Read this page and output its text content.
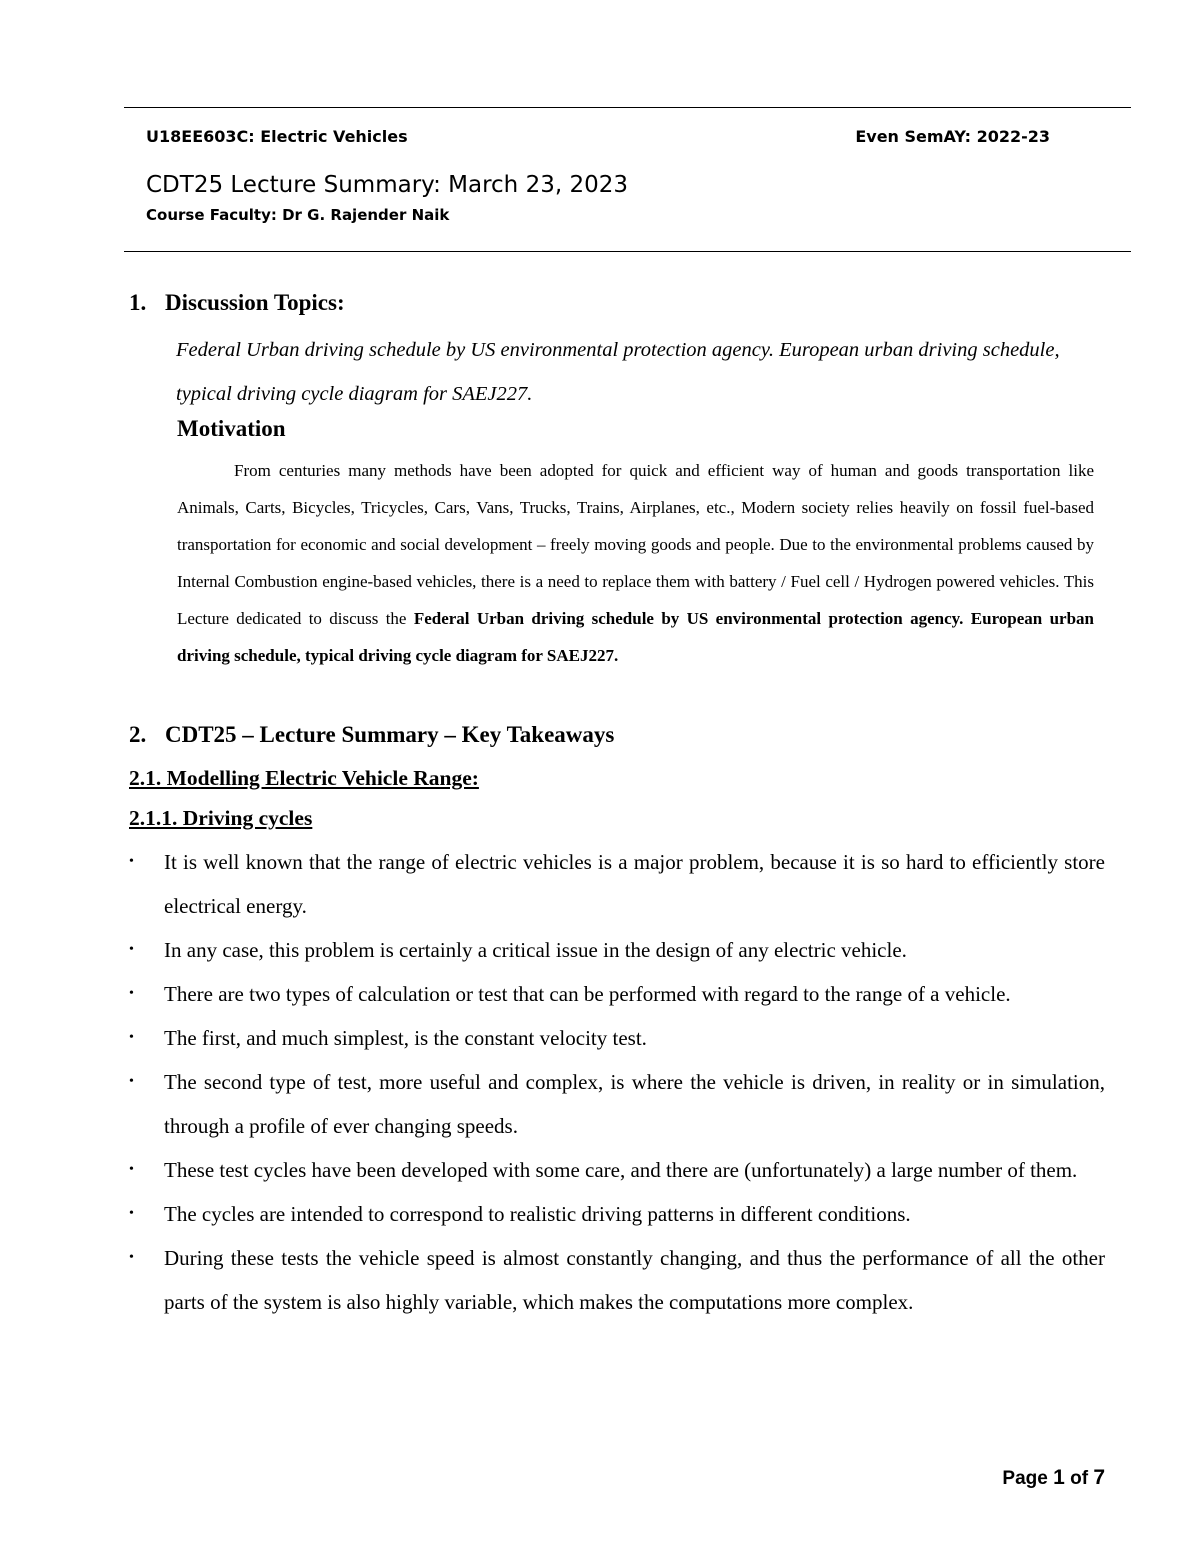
U18EE603C: Electric Vehicles	Even SemAY: 2022-23
CDT25 Lecture Summary: March 23, 2023
Course Faculty: Dr G. Rajender Naik
1. Discussion Topics:
Federal Urban driving schedule by US environmental protection agency. European urban driving schedule, typical driving cycle diagram for SAEJ227.
Motivation
From centuries many methods have been adopted for quick and efficient way of human and goods transportation like Animals, Carts, Bicycles, Tricycles, Cars, Vans, Trucks, Trains, Airplanes, etc., Modern society relies heavily on fossil fuel-based transportation for economic and social development – freely moving goods and people. Due to the environmental problems caused by Internal Combustion engine-based vehicles, there is a need to replace them with battery / Fuel cell / Hydrogen powered vehicles. This Lecture dedicated to discuss the Federal Urban driving schedule by US environmental protection agency. European urban driving schedule, typical driving cycle diagram for SAEJ227.
2. CDT25 – Lecture Summary – Key Takeaways
2.1. Modelling Electric Vehicle Range:
2.1.1. Driving cycles
• It is well known that the range of electric vehicles is a major problem, because it is so hard to efficiently store electrical energy.
• In any case, this problem is certainly a critical issue in the design of any electric vehicle.
• There are two types of calculation or test that can be performed with regard to the range of a vehicle.
• The first, and much simplest, is the constant velocity test.
• The second type of test, more useful and complex, is where the vehicle is driven, in reality or in simulation, through a profile of ever changing speeds.
• These test cycles have been developed with some care, and there are (unfortunately) a large number of them.
• The cycles are intended to correspond to realistic driving patterns in different conditions.
• During these tests the vehicle speed is almost constantly changing, and thus the performance of all the other parts of the system is also highly variable, which makes the computations more complex.
Page 1 of 7
